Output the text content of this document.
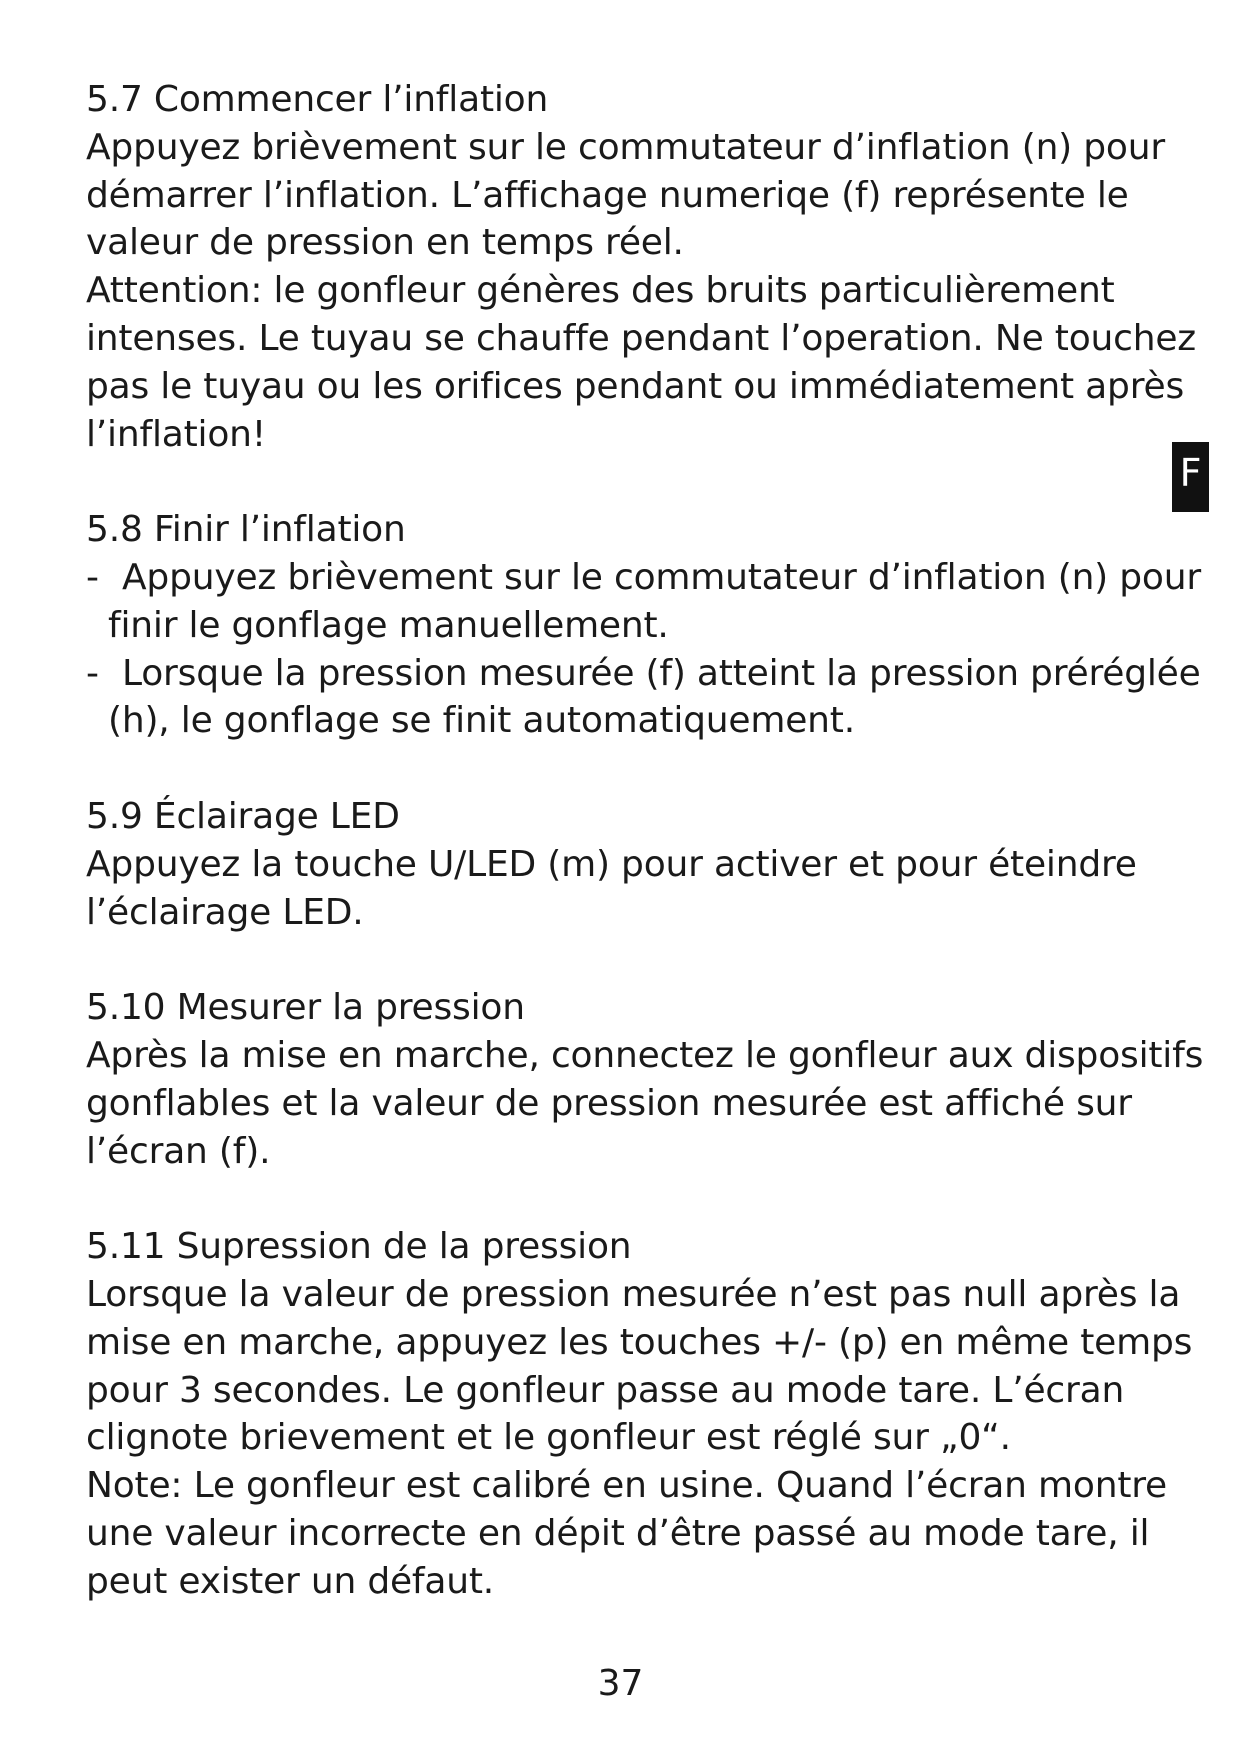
5.7 Commencer l’inflation
Appuyez brièvement sur le commutateur d’inflation (n) pour
démarrer l’inflation. L’affichage numeriqe (f) représente le
valeur de pression en temps réel.
Attention: le gonfleur génères des bruits particulièrement
intenses. Le tuyau se chauffe pendant l’operation. Ne touchez
pas le tuyau ou les orifices pendant ou immédiatement après
l’inflation!
5.8 Finir l’inflation
- Appuyez brièvement sur le commutateur d’inflation (n) pour
finir le gonflage manuellement.
- Lorsque la pression mesurée (f) atteint la pression préréglée
(h), le gonflage se finit automatiquement.
5.9 Éclairage LED
Appuyez la touche U/LED (m) pour activer et pour éteindre
l’éclairage LED.
5.10 Mesurer la pression
Après la mise en marche, connectez le gonfleur aux dispositifs
gonflables et la valeur de pression mesurée est affiché sur
l’écran (f).
5.11 Supression de la pression
Lorsque la valeur de pression mesurée n’est pas null après la
mise en marche, appuyez les touches +/- (p) en même temps
pour 3 secondes. Le gonfleur passe au mode tare. L’écran
clignote brievement et le gonfleur est réglé sur „0“.
Note: Le gonfleur est calibré en usine. Quand l’écran montre
une valeur incorrecte en dépit d’être passé au mode tare, il
peut exister un défaut.
F
37
